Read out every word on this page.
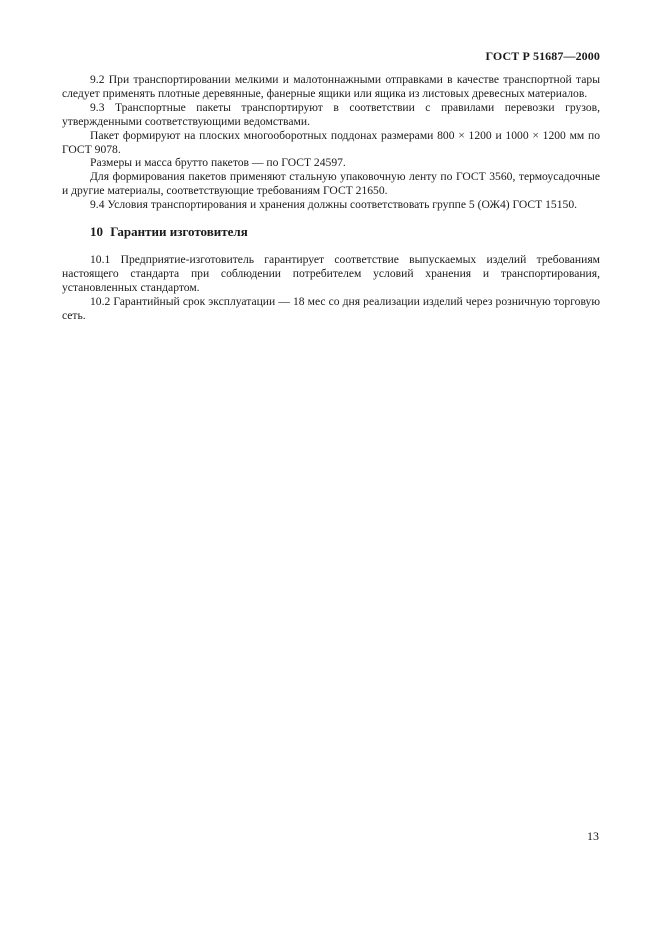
ГОСТ Р 51687—2000

9.2 При транспортировании мелкими и малотоннажными отправками в качестве транспортной тары следует применять плотные деревянные, фанерные ящики или ящика из листовых древесных материалов.

9.3 Транспортные пакеты транспортируют в соответствии с правилами перевозки грузов, утвержденными соответствующими ведомствами.

Пакет формируют на плоских многооборотных поддонах размерами 800 × 1200 и 1000 × 1200 мм по ГОСТ 9078.

Размеры и масса брутто пакетов — по ГОСТ 24597.

Для формирования пакетов применяют стальную упаковочную ленту по ГОСТ 3560, термоусадочные и другие материалы, соответствующие требованиям ГОСТ 21650.

9.4 Условия транспортирования и хранения должны соответствовать группе 5 (ОЖ4) ГОСТ 15150.

10 Гарантии изготовителя

10.1 Предприятие-изготовитель гарантирует соответствие выпускаемых изделий требованиям настоящего стандарта при соблюдении потребителем условий хранения и транспортирования, установленных стандартом.

10.2 Гарантийный срок эксплуатации — 18 мес со дня реализации изделий через розничную торговую сеть.

13
